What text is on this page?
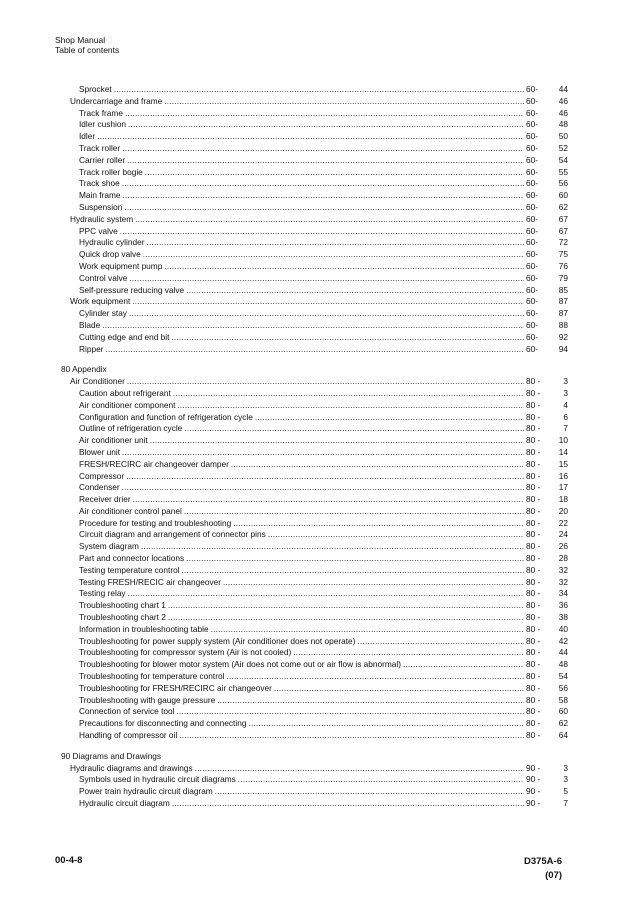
Shop Manual
Table of contents
Sprocket .....	60-	44
Undercarriage and frame .....	60-	46
Track frame .....	60-	46
Idler cushion .....	60-	48
Idler .....	60-	50
Track roller .....	60-	52
Carrier roller .....	60-	54
Track roller bogie .....	60-	55
Track shoe .....	60-	56
Main frame .....	60-	60
Suspension .....	60-	62
Hydraulic system .....	60-	67
PPC valve .....	60-	67
Hydraulic cylinder .....	60-	72
Quick drop valve .....	60-	75
Work equipment pump .....	60-	76
Control valve .....	60-	79
Self-pressure reducing valve .....	60-	85
Work equipment .....	60-	87
Cylinder stay .....	60-	87
Blade .....	60-	88
Cutting edge and end bit .....	60-	92
Ripper .....	60-	94
80 Appendix
Air Conditioner .....	80 -	3
Caution about refrigerant .....	80 -	3
Air conditioner component .....	80 -	4
Configuration and function of refrigeration cycle .....	80 -	6
Outline of refrigeration cycle .....	80 -	7
Air conditioner unit .....	80 -	10
Blower unit .....	80 -	14
FRESH/RECIRC air changeover damper .....	80 -	15
Compressor .....	80 -	16
Condenser .....	80 -	17
Receiver drier .....	80 -	18
Air conditioner control panel .....	80 -	20
Procedure for testing and troubleshooting .....	80 -	22
Circuit diagram and arrangement of connector pins .....	80 -	24
System diagram .....	80 -	26
Part and connector locations .....	80 -	28
Testing temperature control .....	80 -	32
Testing FRESH/RECIC air changeover .....	80 -	32
Testing relay .....	80 -	34
Troubleshooting chart 1 .....	80 -	36
Troubleshooting chart 2 .....	80 -	38
Information in troubleshooting table .....	80 -	40
Troubleshooting for power supply system (Air conditioner does not operate) .....	80 -	42
Troubleshooting for compressor system (Air is not cooled) .....	80 -	44
Troubleshooting for blower motor system (Air does not come out or air flow is abnormal) .....	80 -	48
Troubleshooting for temperature control .....	80 -	54
Troubleshooting for FRESH/RECIRC air changeover .....	80 -	56
Troubleshooting with gauge pressure .....	80 -	58
Connection of service tool .....	80 -	60
Precautions for disconnecting and connecting .....	80 -	62
Handling of compressor oil .....	80 -	64
90 Diagrams and Drawings
Hydraulic diagrams and drawings .....	90 -	3
Symbols used in hydraulic circuit diagrams .....	90 -	3
Power train hydraulic circuit diagram .....	90 -	5
Hydraulic circuit diagram .....	90 -	7
00-4-8	D375A-6
(07)
